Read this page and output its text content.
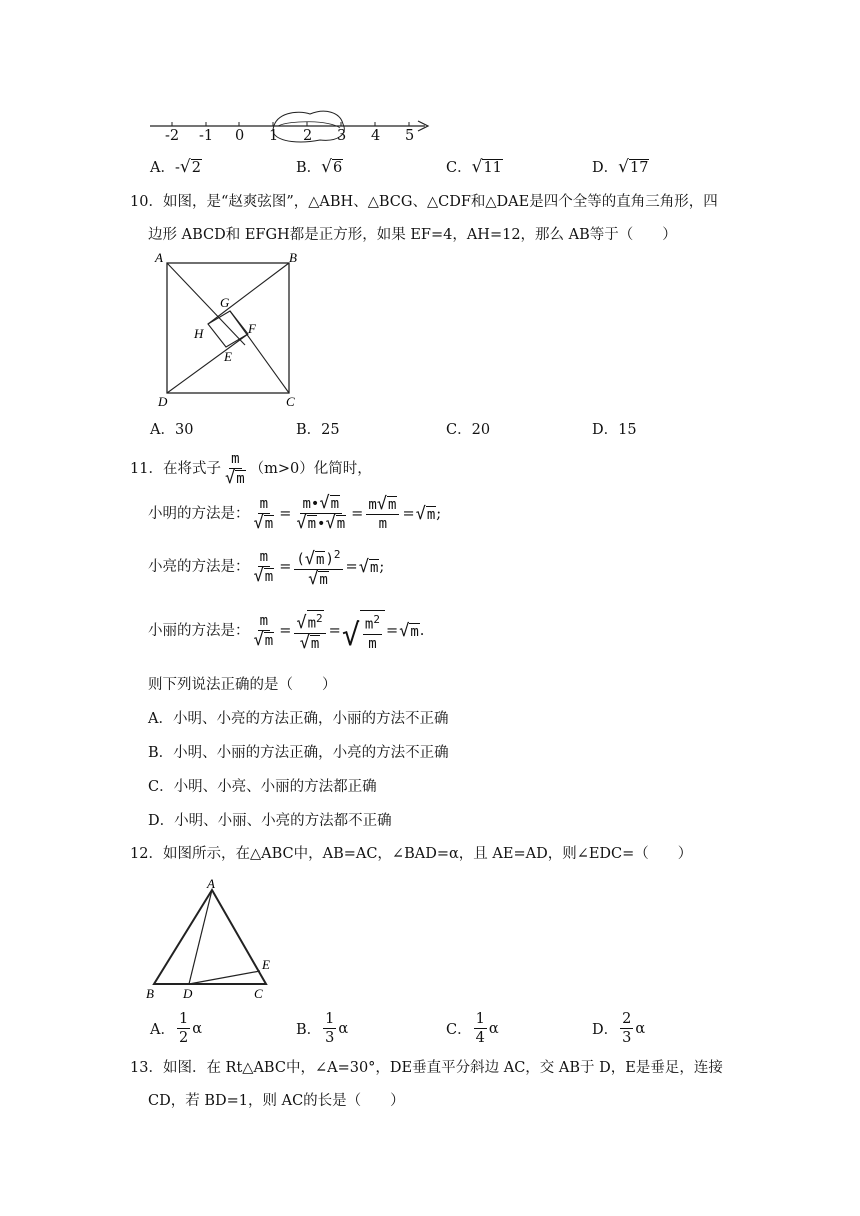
-2 -1 0 1 2 3 4 5
A．- √ 2	B． √ 6	C． √ 11	D． √ 17
10．如图，是“赵爽弦图”，△ABH、△BCG、△CDF和△DAE是四个全等的直角三角形，四
边形 ABCD和 EFGH都是正方形，如果 EF=4，AH=12，那么 AB等于（　　）
A	B
C
D
G
H	F
E
A．30	B．25	C．20	D．15
11．在将式子 $\frac{m}{√ m} (m>0)$化简时，
小明的方法是： $\frac{m}{√ m} = \frac{m• √ m}{√ m • √ m} = \frac{m √ m}{m}$ = √ m ;
小亮的方法是： $\frac{m}{√ m} = \frac{( √ m )^2}{√ m}$ = √ m ;
小丽的方法是： $\frac{m}{√ m} = \frac{√ m^2}{√ m}$ = √ $\frac{m^2}{m}$ = √ m .
则下列说法正确的是（　　）
A．小明、小亮的方法正确，小丽的方法不正确
B．小明、小丽的方法正确，小亮的方法不正确
C．小明、小亮、小丽的方法都正确
D．小明、小丽、小亮的方法都不正确
12．如图所示，在△ABC中，AB=AC，∠BAD=α，且 AE=AD，则∠EDC=（　　）
A
B D	C
E
A． $\frac{1}{2}$ α	B． $\frac{1}{3}$ α	C． $\frac{1}{4}$ α	D． $\frac{2}{3}$ α
13．如图．在 Rt△ABC中，∠A=30°，DE垂直平分斜边 AC，交 AB于 D，E是垂足，连接
CD，若 BD=1，则 AC的长是（　　）
